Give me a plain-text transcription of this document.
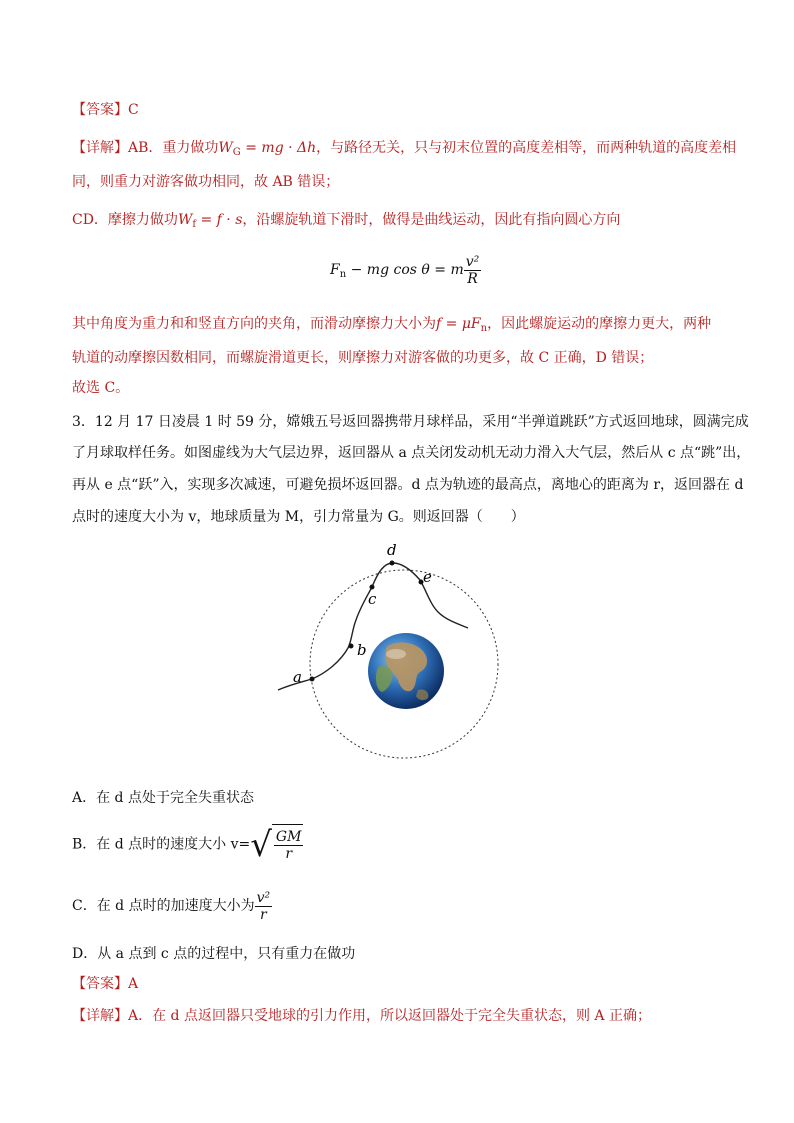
【答案】C
【详解】AB．重力做功$W_G$ = mg · Δh，与路径无关，只与初末位置的高度差相等，而两种轨道的高度差相
同，则重力对游客做功相同，故 AB 错误；
CD．摩擦力做功$W_f = f \cdot s$，沿螺旋轨道下滑时，做得是曲线运动，因此有指向圆心方向
$F_n$ − mg cos θ = m $\frac{\text{v²}}{R}$
其中角度为重力和和竖直方向的夹角，而滑动摩擦力大小为$f = \mu F_n$，因此螺旋运动的摩擦力更大，两种
轨道的动摩擦因数相同，而螺旋滑道更长，则摩擦力对游客做的功更多，故 C 正确，D 错误；
故选 C。
3．12 月 17 日凌晨 1 时 59 分，嫦娥五号返回器携带月球样品，采用“半弹道跳跃”方式返回地球，圆满完成
了月球取样任务。如图虚线为大气层边界，返回器从 a 点关闭发动机无动力滑入大气层，然后从 c 点“跳”出，
再从 e 点“跃”入，实现多次减速，可避免损坏返回器。d 点为轨迹的最高点，离地心的距离为 r，返回器在 d
点时的速度大小为 v，地球质量为 M，引力常量为 G。则返回器（　　）
a
b
c
d
e
A．在 d 点处于完全失重状态
B．在 d 点时的速度大小 $v=√ \frac{GM}{r}$
C．在 d 点时的加速度大小为 $\frac{\text{v²}}{r}$
D．从 a 点到 c 点的过程中，只有重力在做功
【答案】A
【详解】A．在 d 点返回器只受地球的引力作用，所以返回器处于完全失重状态，则 A 正确；
